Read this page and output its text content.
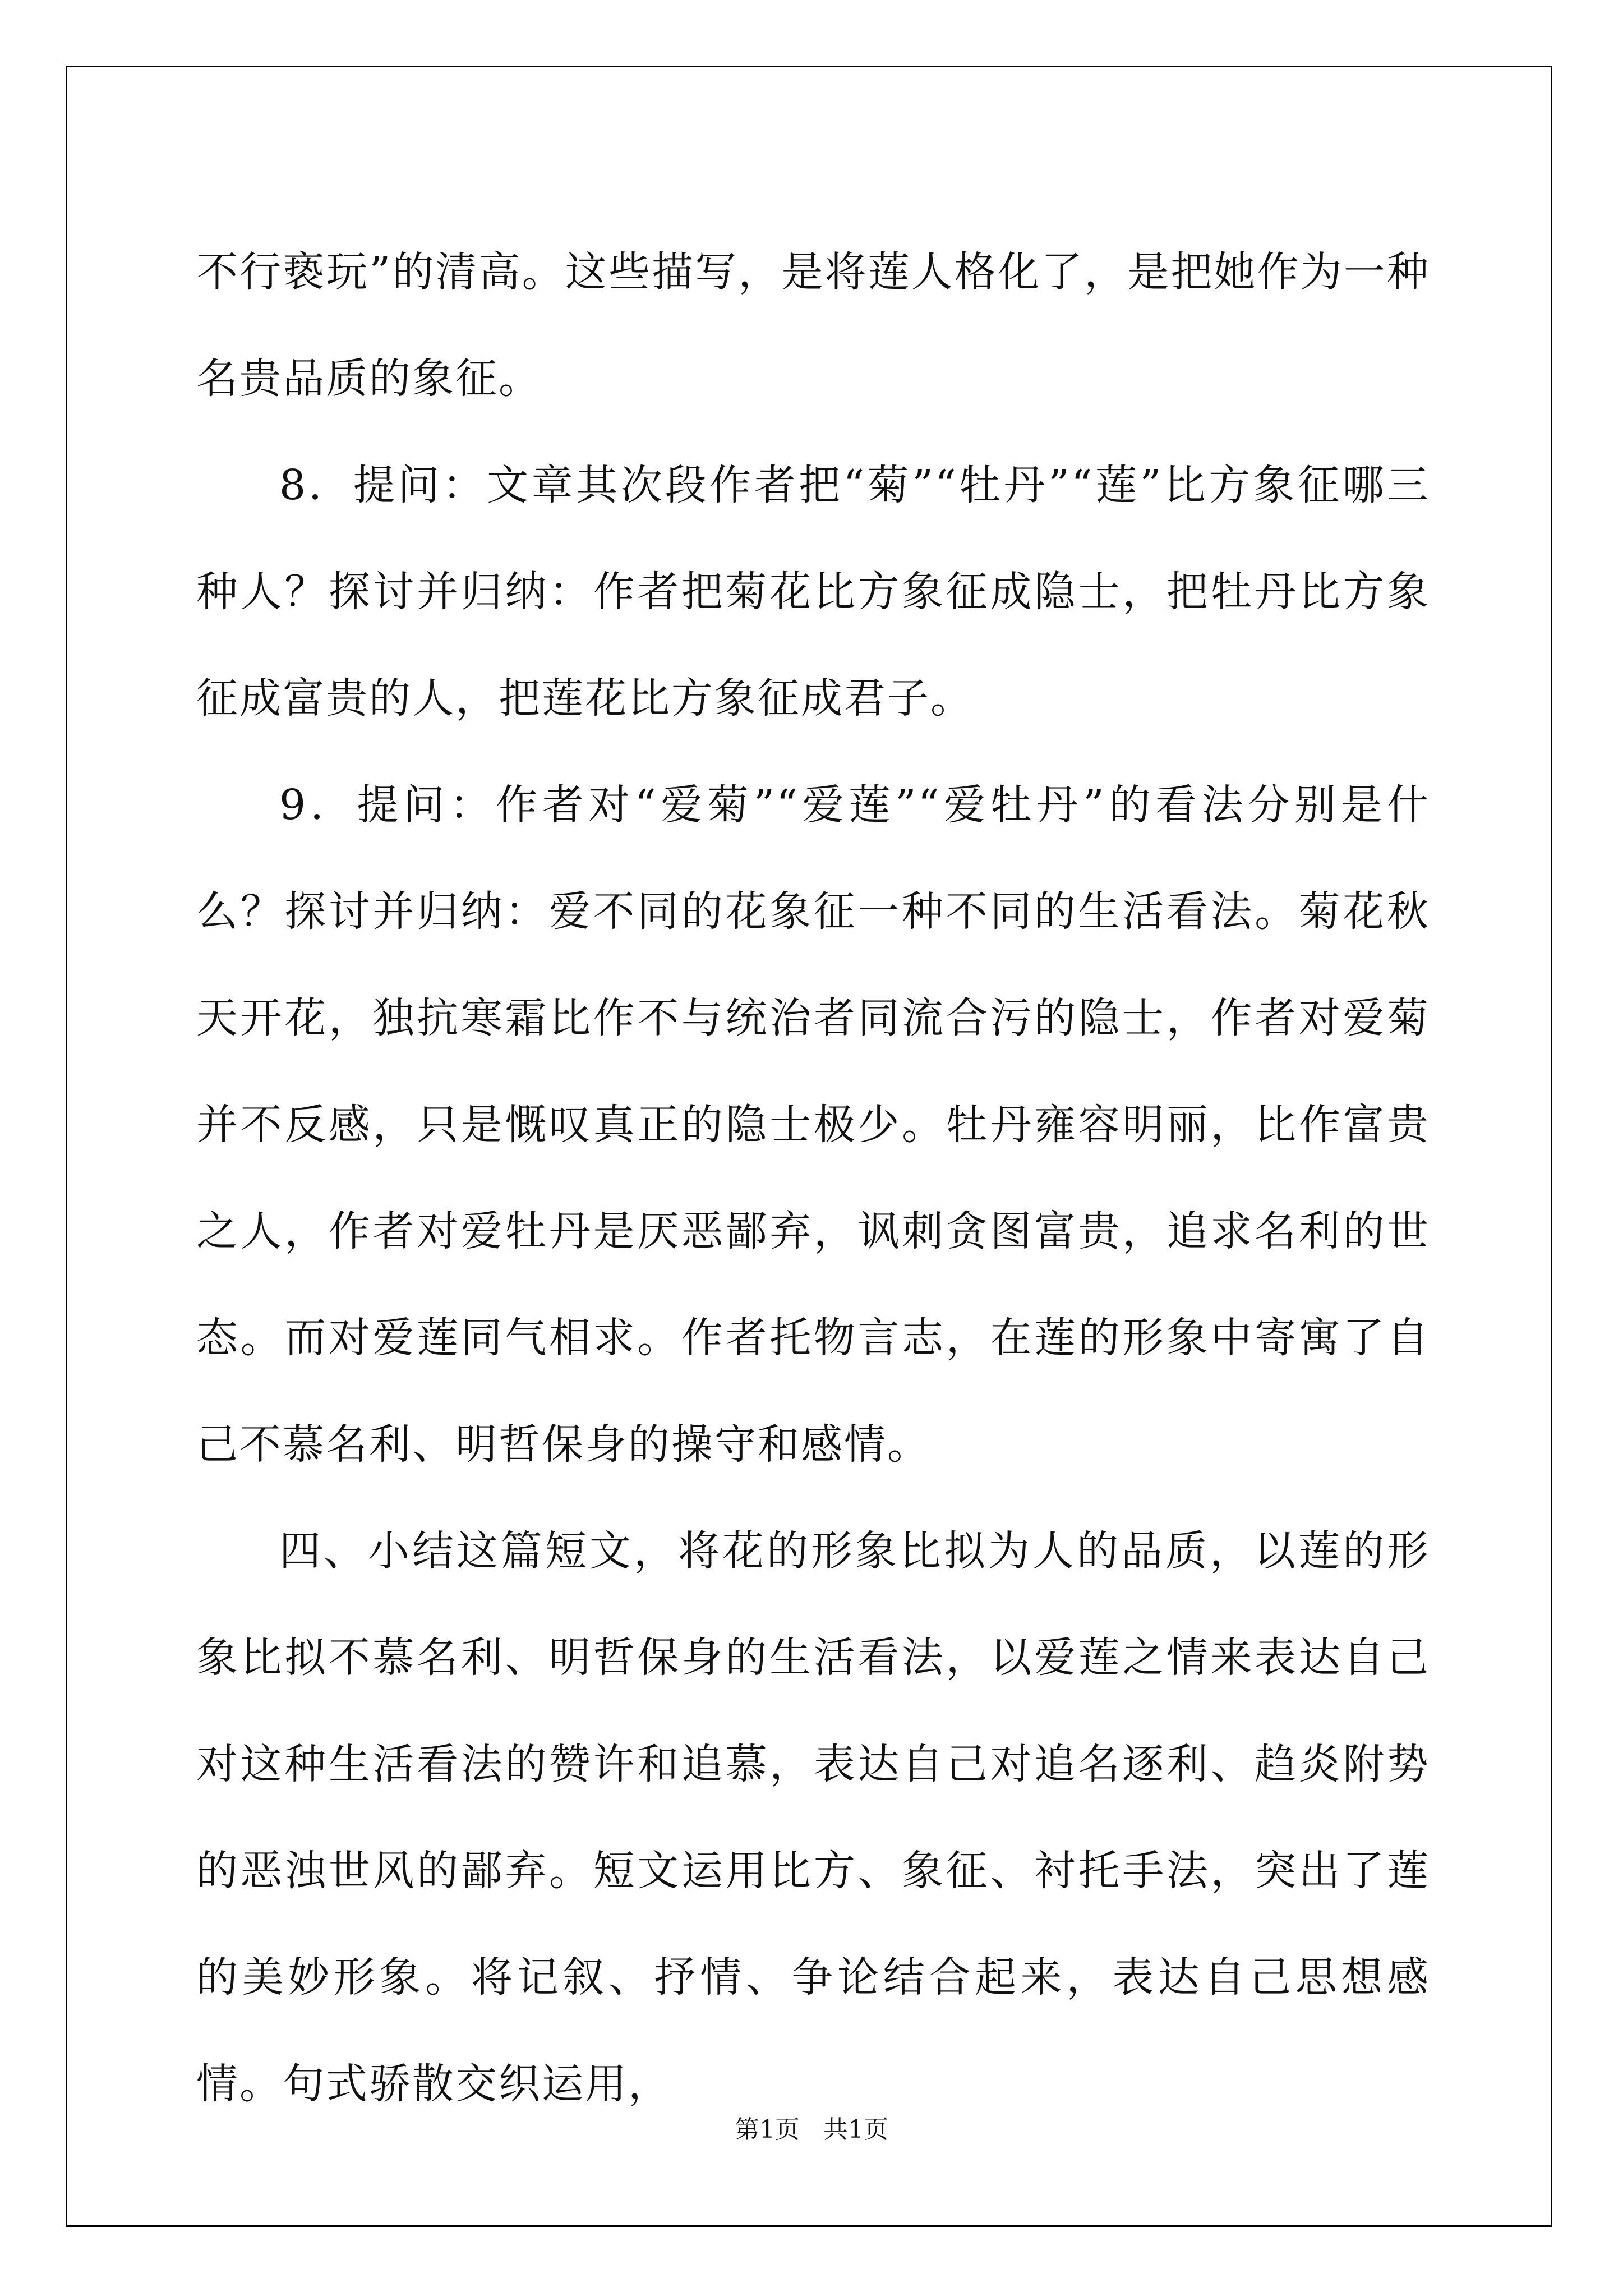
不行亵玩”的清高。这些描写，是将莲人格化了，是把她作为一种名贵品质的象征。

8．提问：文章其次段作者把“菊”“牡丹”“莲”比方象征哪三种人？探讨并归纳：作者把菊花比方象征成隐士，把牡丹比方象征成富贵的人，把莲花比方象征成君子。

9．提问：作者对“爱菊”“爱莲”“爱牡丹”的看法分别是什么？探讨并归纳：爱不同的花象征一种不同的生活看法。菊花秋天开花，独抗寒霜比作不与统治者同流合污的隐士，作者对爱菊并不反感，只是慨叹真正的隐士极少。牡丹雍容明丽，比作富贵之人，作者对爱牡丹是厌恶鄙弃，讽刺贪图富贵，追求名利的世态。而对爱莲同气相求。作者托物言志，在莲的形象中寄寓了自己不慕名利、明哲保身的操守和感情。

四、小结这篇短文，将花的形象比拟为人的品质，以莲的形象比拟不慕名利、明哲保身的生活看法，以爱莲之情来表达自己对这种生活看法的赞许和追慕，表达自己对追名逐利、趋炎附势的恶浊世风的鄙弃。短文运用比方、象征、衬托手法，突出了莲的美妙形象。将记叙、抒情、争论结合起来，表达自己思想感情。句式骄散交织运用，

第1页 共1页
